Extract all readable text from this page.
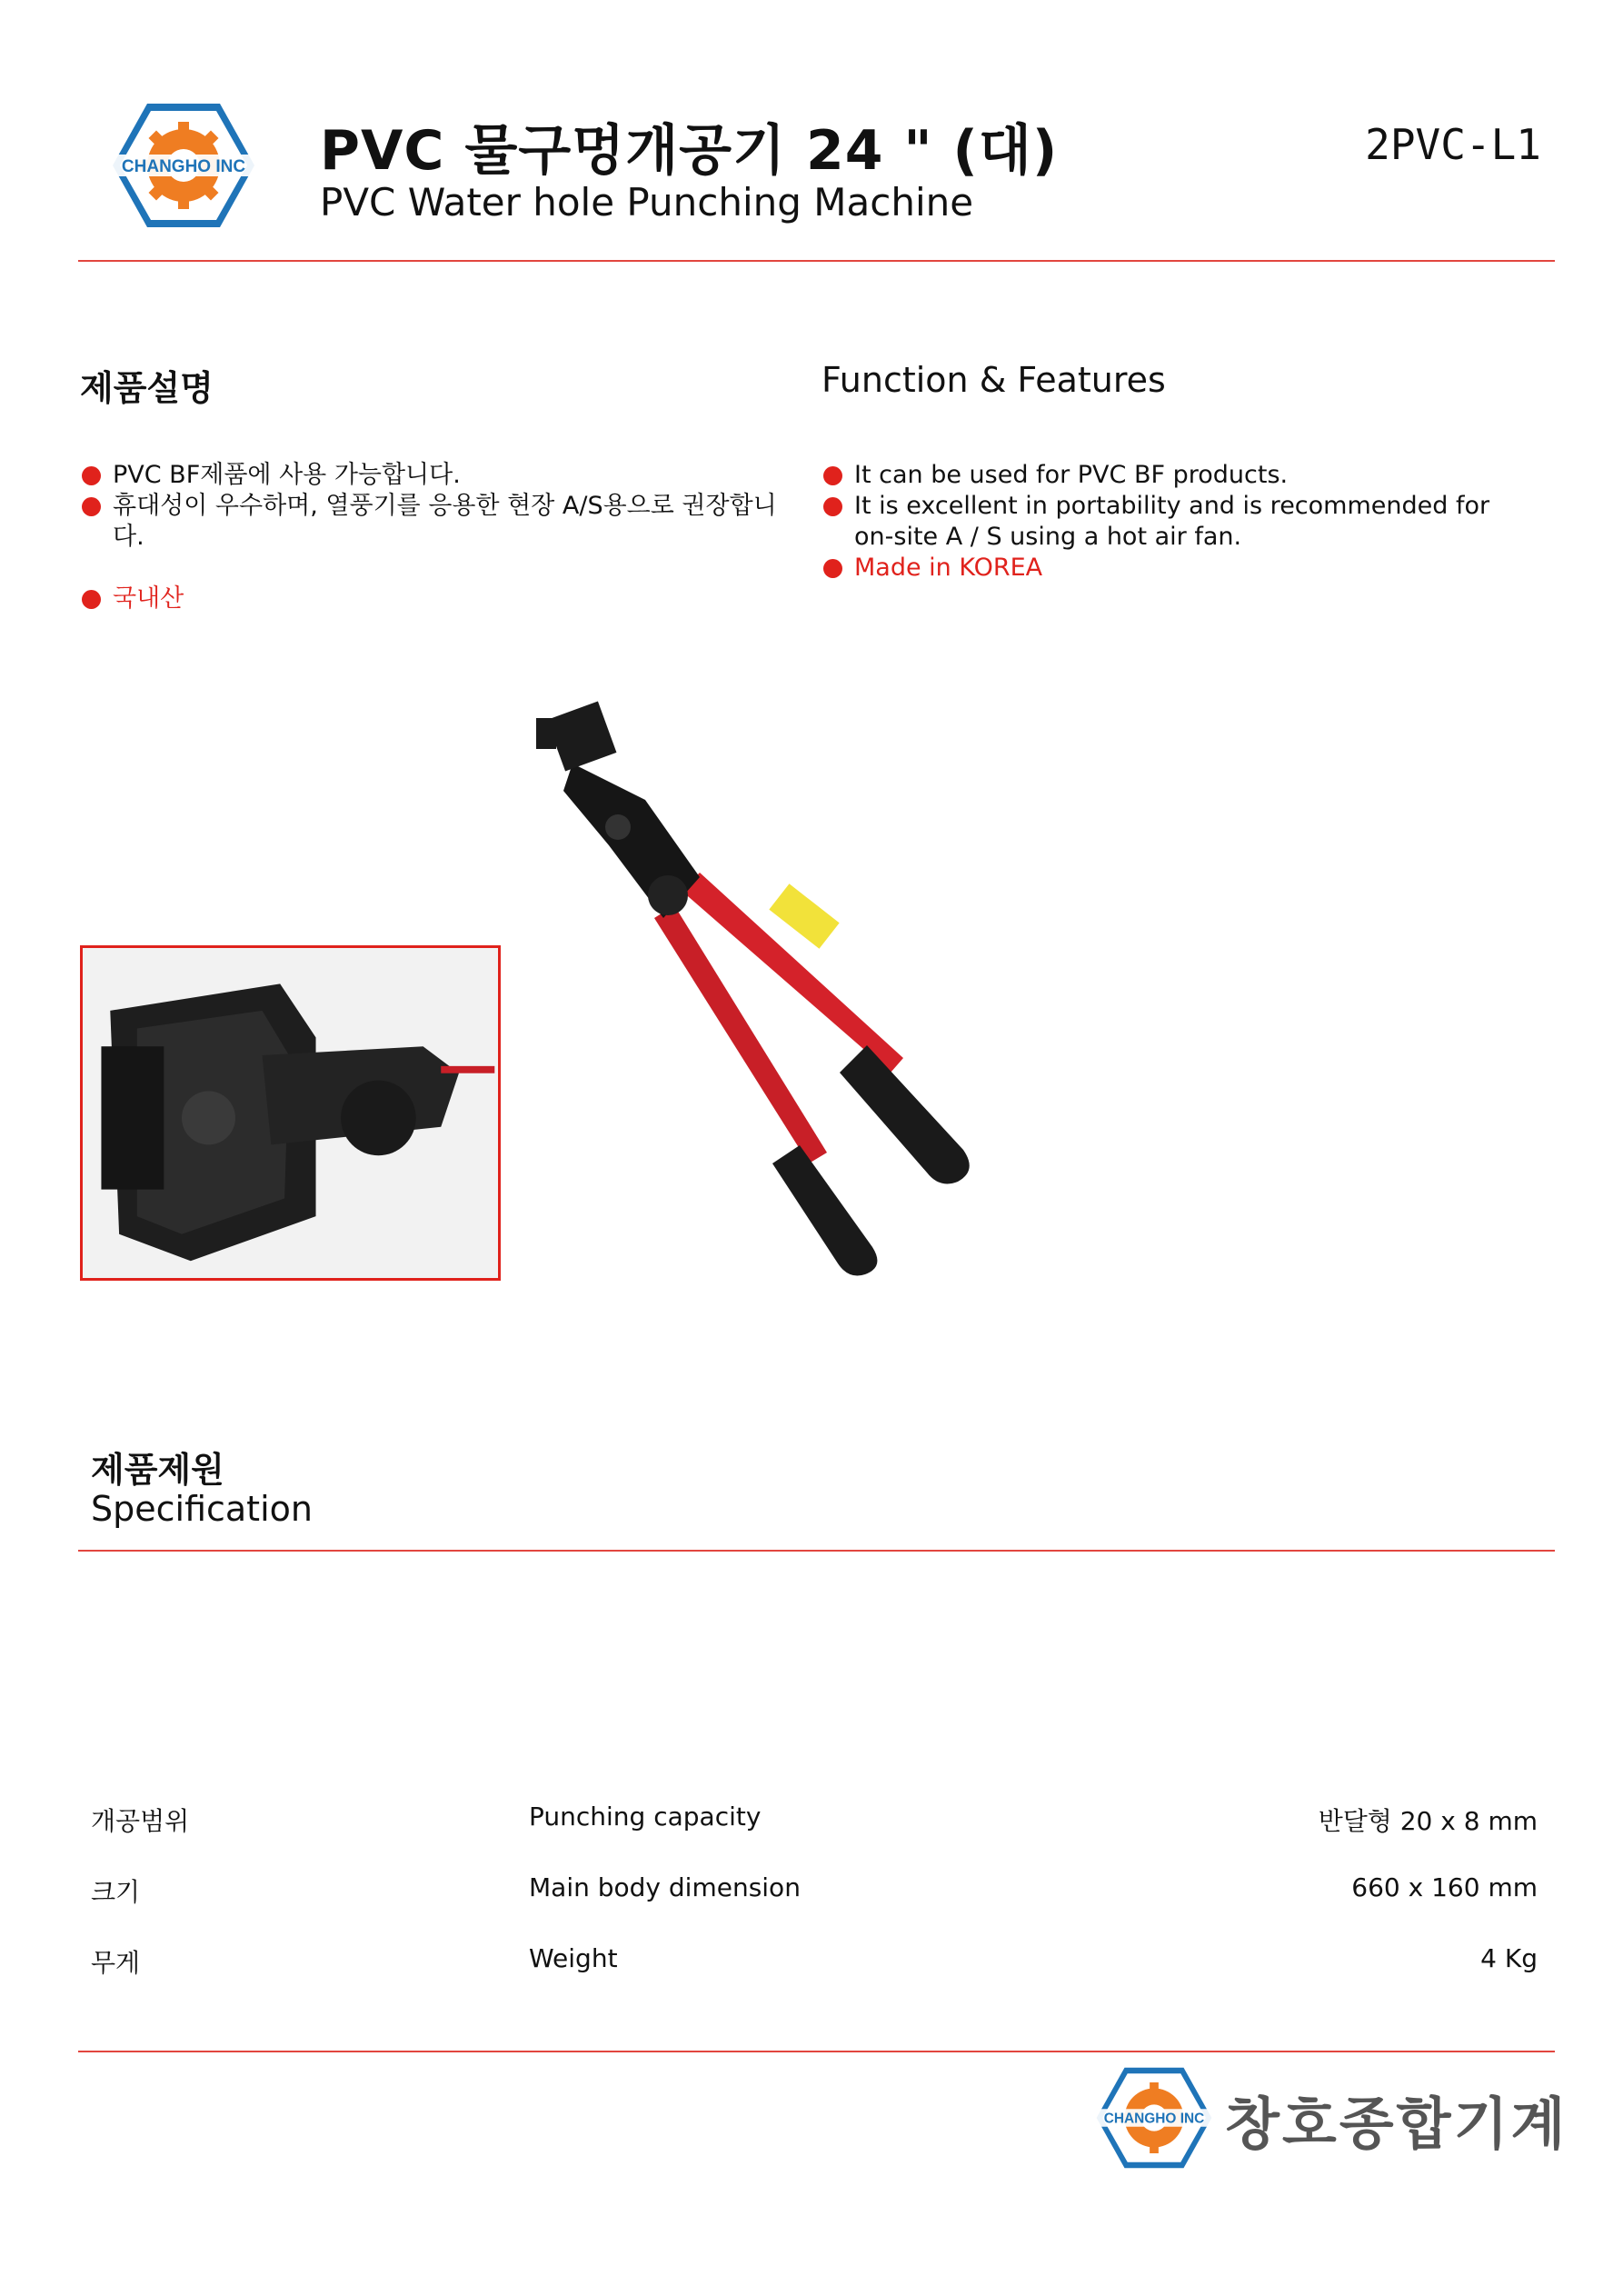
CHANGHO INC PVC 물구멍개공기 24 " (대)
PVC Water hole Punching Machine
2PVC-L1
제품설명	Function & Features
PVC BF제품에 사용 가능합니다.
휴대성이 우수하며, 열풍기를 응용한 현장 A/S용으로 권장합니다.
국내산
It can be used for PVC BF products.
It is excellent in portability and is recommended for on-site A / S using a hot air fan.
Made in KOREA
제품제원
Specification
개공범위	Punching capacity	반달형 20 x 8 mm
크기	Main body dimension	660 x 160 mm
무게	Weight	4 Kg
CHANGHO INC 창호종합기계
